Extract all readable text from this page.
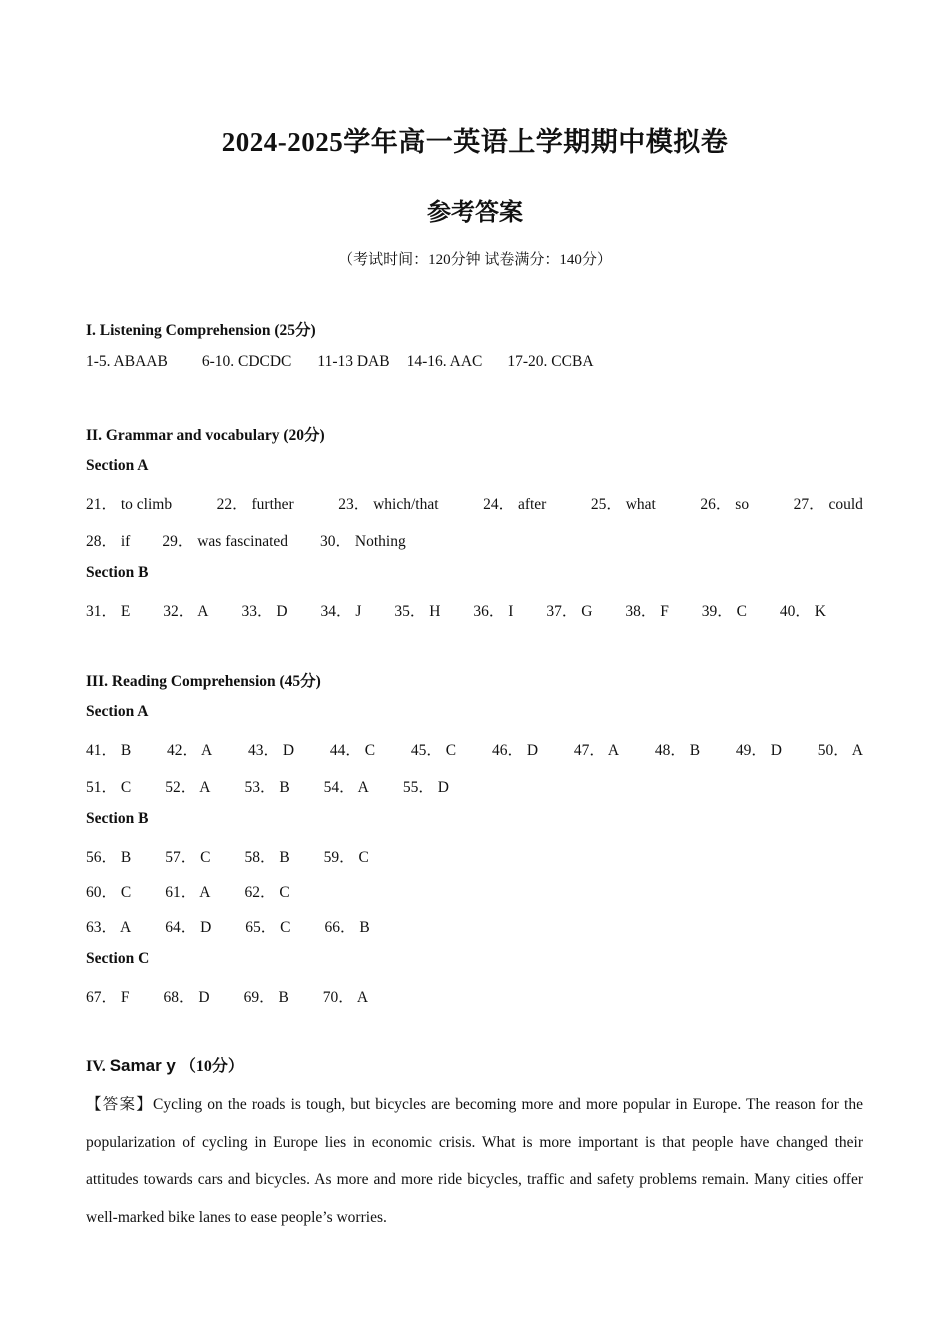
2024-2025学年高一英语上学期期中模拟卷
参考答案
（考试时间：120分钟 试卷满分：140分）
I. Listening Comprehension (25分)
1-5. ABAAB 6-10. CDCDC 11-13 DAB 14-16. AAC 17-20. CCBA
II. Grammar and vocabulary (20分)
Section A
21． to climb	22． further	23． which/that	24． after	25． what	26． so	27． could
28． if 29． was fascinated 30． Nothing
Section B
31． E 32． A 33． D 34． J 35． H 36． I 37． G 38． F 39． C 40． K
III. Reading Comprehension (45分)
Section A
41． B 42． A 43． D 44． C 45． C 46． D 47． A 48． B 49． D 50． A
51． C 52． A 53． B 54． A 55． D
Section B
56． B 57． C 58． B 59． C
60． C 61． A 62． C
63． A 64． D 65． C 66． B
Section C
67． F 68． D 69． B 70． A
IV. Samar y （10分）
【答案】Cycling on the roads is tough, but bicycles are becoming more and more popular in Europe. The reason for the popularization of cycling in Europe lies in economic crisis. What is more important is that people have changed their attitudes towards cars and bicycles. As more and more ride bicycles, traffic and safety problems remain. Many cities offer well-marked bike lanes to ease people’s worries.
